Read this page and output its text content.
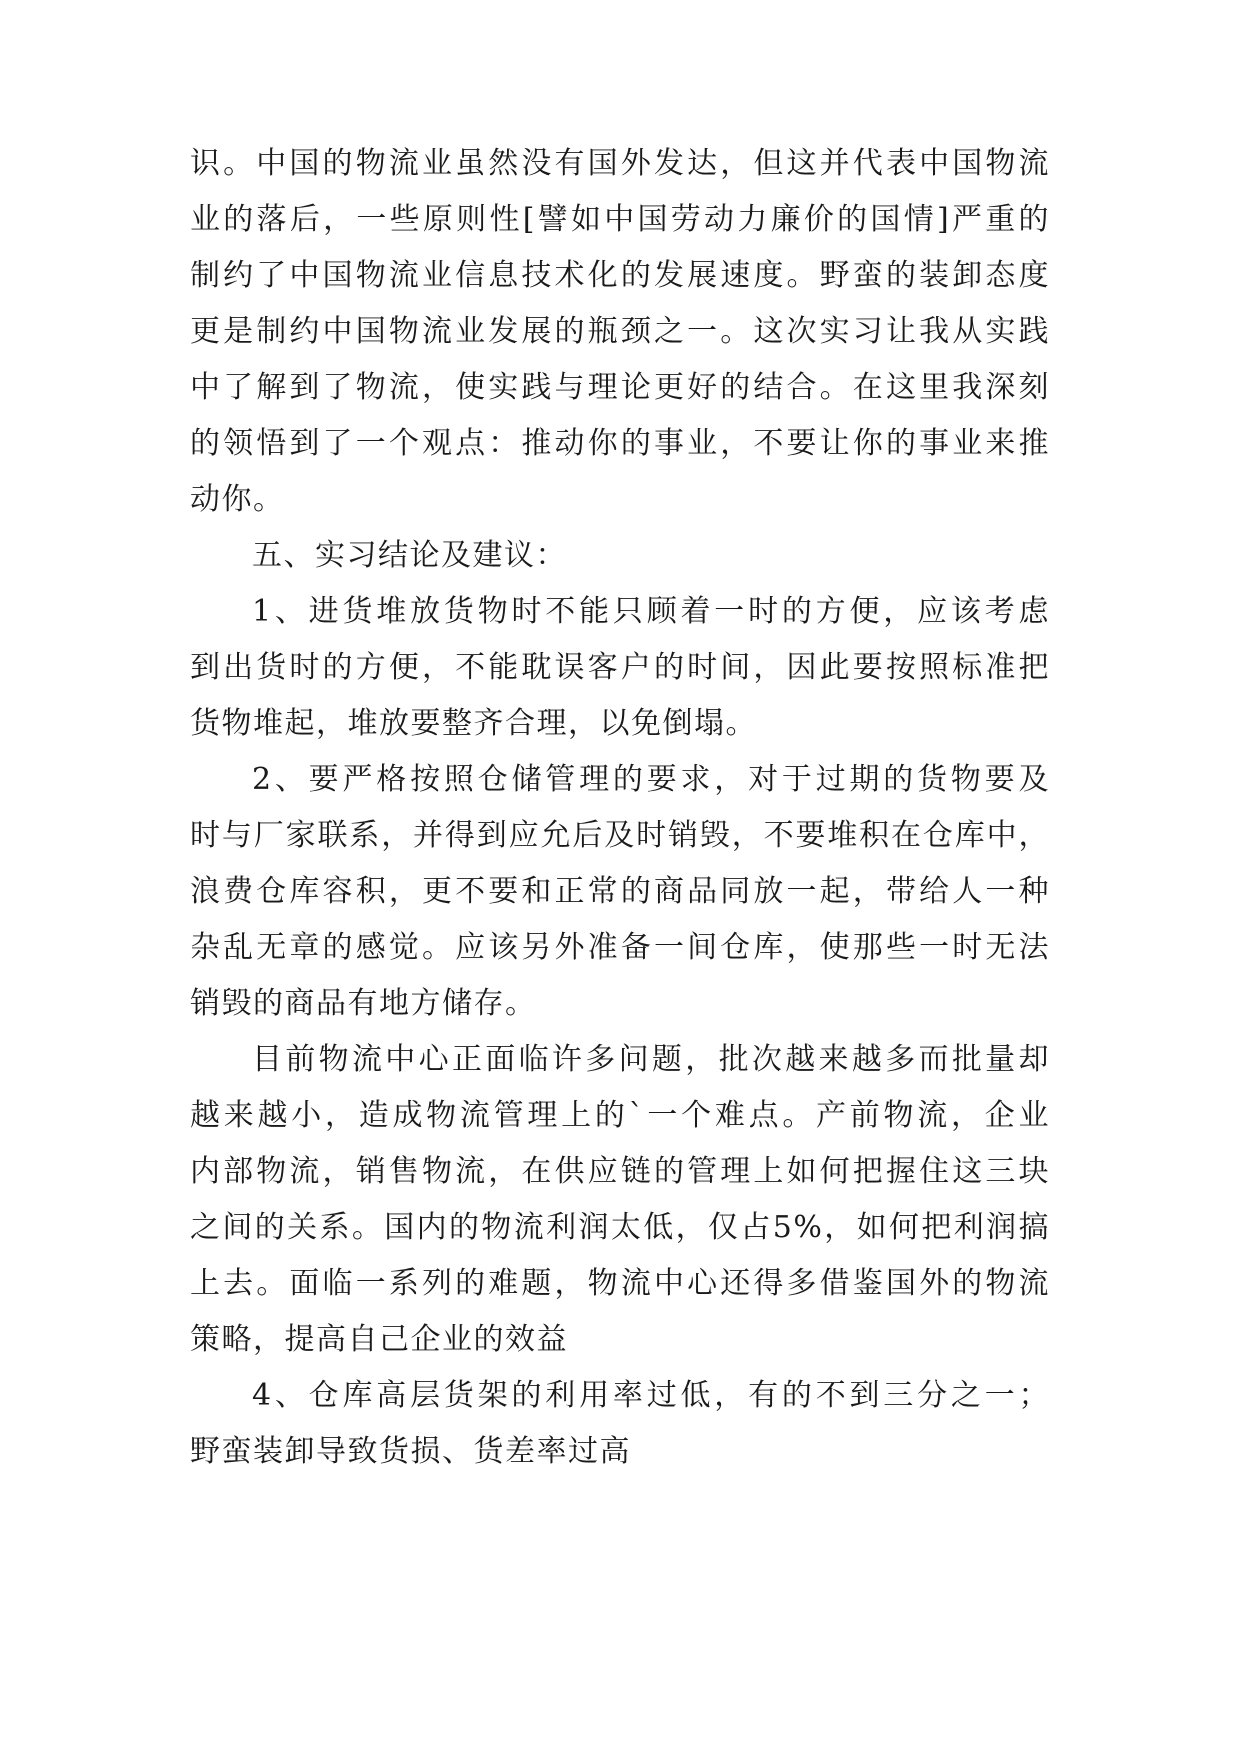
识。中国的物流业虽然没有国外发达，但这并代表中国物流
业的落后，一些原则性[譬如中国劳动力廉价的国情]严重的
制约了中国物流业信息技术化的发展速度。野蛮的装卸态度
更是制约中国物流业发展的瓶颈之一。这次实习让我从实践
中了解到了物流，使实践与理论更好的结合。在这里我深刻
的领悟到了一个观点：推动你的事业，不要让你的事业来推
动你。
五、实习结论及建议：
1、进货堆放货物时不能只顾着一时的方便，应该考虑
到出货时的方便，不能耽误客户的时间，因此要按照标准把
货物堆起，堆放要整齐合理，以免倒塌。
2、要严格按照仓储管理的要求，对于过期的货物要及
时与厂家联系，并得到应允后及时销毁，不要堆积在仓库中，
浪费仓库容积，更不要和正常的商品同放一起，带给人一种
杂乱无章的感觉。应该另外准备一间仓库，使那些一时无法
销毁的商品有地方储存。
目前物流中心正面临许多问题，批次越来越多而批量却
越来越小，造成物流管理上的`一个难点。产前物流，企业
内部物流，销售物流，在供应链的管理上如何把握住这三块
之间的关系。国内的物流利润太低，仅占5%，如何把利润搞
上去。面临一系列的难题，物流中心还得多借鉴国外的物流
策略，提高自己企业的效益
4、仓库高层货架的利用率过低，有的不到三分之一；
野蛮装卸导致货损、货差率过高
